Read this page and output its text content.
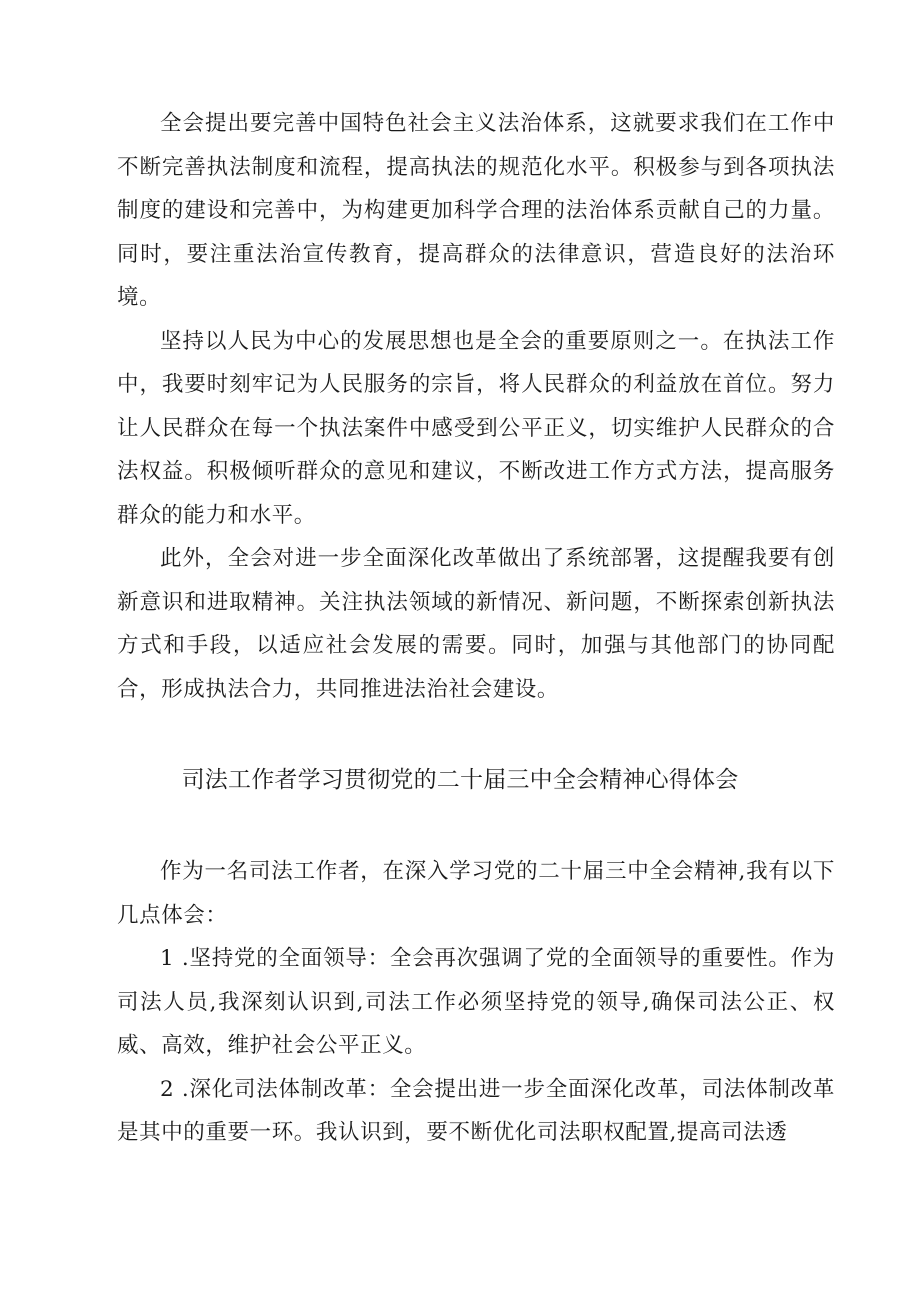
全会提出要完善中国特色社会主义法治体系，这就要求我们在工作中不断完善执法制度和流程，提高执法的规范化水平。积极参与到各项执法制度的建设和完善中，为构建更加科学合理的法治体系贡献自己的力量。同时，要注重法治宣传教育，提高群众的法律意识，营造良好的法治环境。

坚持以人民为中心的发展思想也是全会的重要原则之一。在执法工作中，我要时刻牢记为人民服务的宗旨，将人民群众的利益放在首位。努力让人民群众在每一个执法案件中感受到公平正义，切实维护人民群众的合法权益。积极倾听群众的意见和建议，不断改进工作方式方法，提高服务群众的能力和水平。

此外，全会对进一步全面深化改革做出了系统部署，这提醒我要有创新意识和进取精神。关注执法领域的新情况、新问题，不断探索创新执法方式和手段，以适应社会发展的需要。同时，加强与其他部门的协同配合，形成执法合力，共同推进法治社会建设。

司法工作者学习贯彻党的二十届三中全会精神心得体会

作为一名司法工作者，在深入学习党的二十届三中全会精神,我有以下几点体会：

1 .坚持党的全面领导：全会再次强调了党的全面领导的重要性。作为司法人员,我深刻认识到,司法工作必须坚持党的领导,确保司法公正、权威、高效，维护社会公平正义。

2 .深化司法体制改革：全会提出进一步全面深化改革，司法体制改革是其中的重要一环。我认识到，要不断优化司法职权配置,提高司法透
